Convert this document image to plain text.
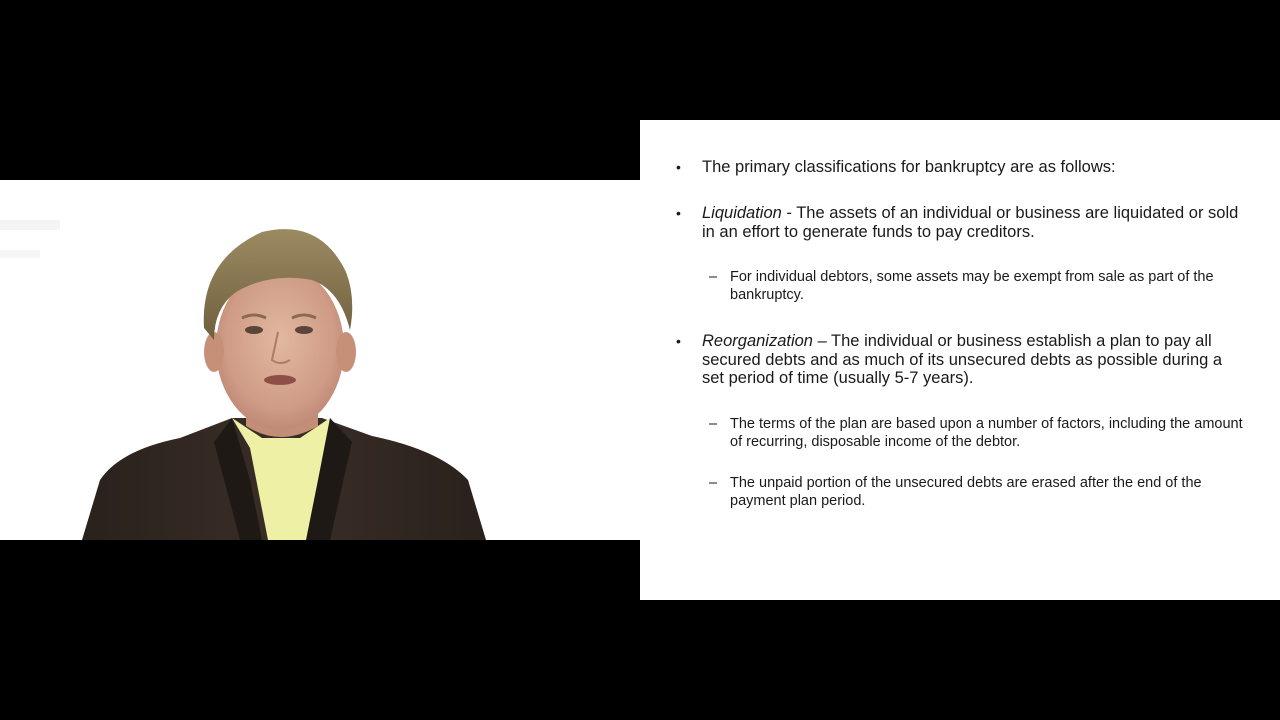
• The primary classifications for bankruptcy are as follows:
• Liquidation - The assets of an individual or business are liquidated or sold in an effort to generate funds to pay creditors.
– For individual debtors, some assets may be exempt from sale as part of the bankruptcy.
• Reorganization – The individual or business establish a plan to pay all secured debts and as much of its unsecured debts as possible during a set period of time (usually 5-7 years).
– The terms of the plan are based upon a number of factors, including the amount of recurring, disposable income of the debtor.
– The unpaid portion of the unsecured debts are erased after the end of the payment plan period.
